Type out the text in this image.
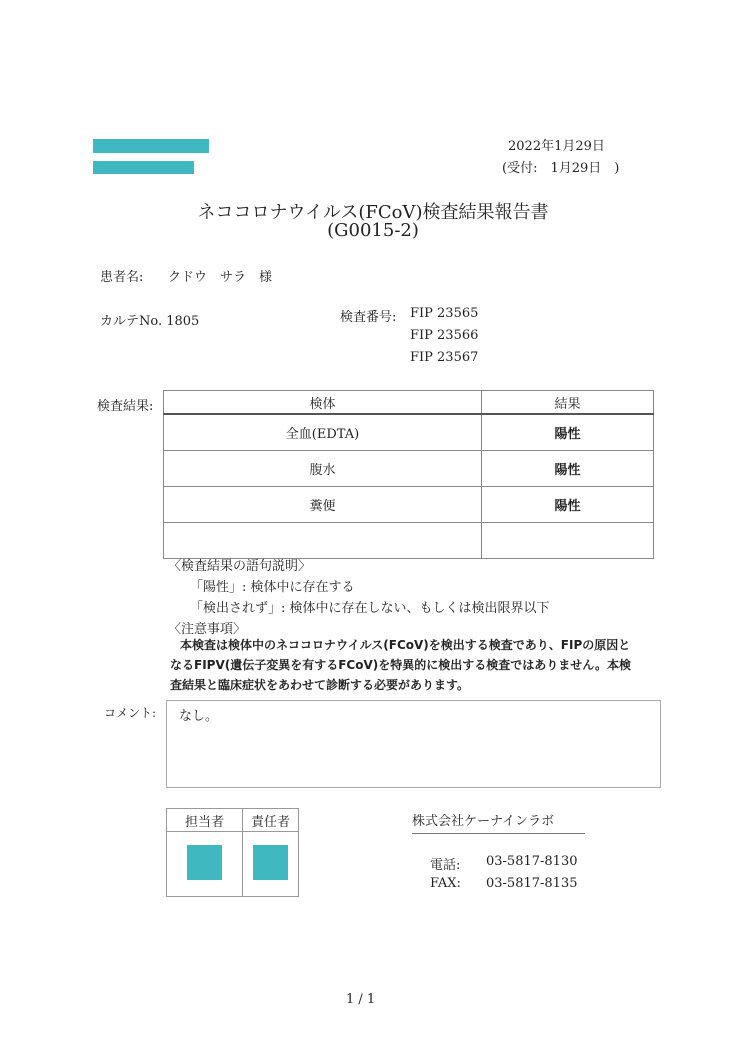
2022年1月29日
(受付:　1月29日　)
ネココロナウイルス(FCoV)検査結果報告書
(G0015-2)
患者名: クドウ　サラ　様
カルテNo. 1805	検査番号: FIP 23565
FIP 23566
FIP 23567
検査結果:	検体	結果
全血(EDTA)	陽性
腹水	陽性
糞便	陽性

〈検査結果の語句説明〉
「陽性」: 検体中に存在する
「検出されず」: 検体中に存在しない、もしくは検出限界以下
〈注意事項〉
本検査は検体中のネココロナウイルス(FCoV)を検出する検査であり、FIPの原因と
なるFIPV(遺伝子変異を有するFCoV)を特異的に検出する検査ではありません。本検
査結果と臨床症状をあわせて診断する必要があります。
コメント: なし。
担当者	責任者
		株式会社ケーナインラボ
電話: 03-5817-8130
FAX: 03-5817-8135
1 / 1
